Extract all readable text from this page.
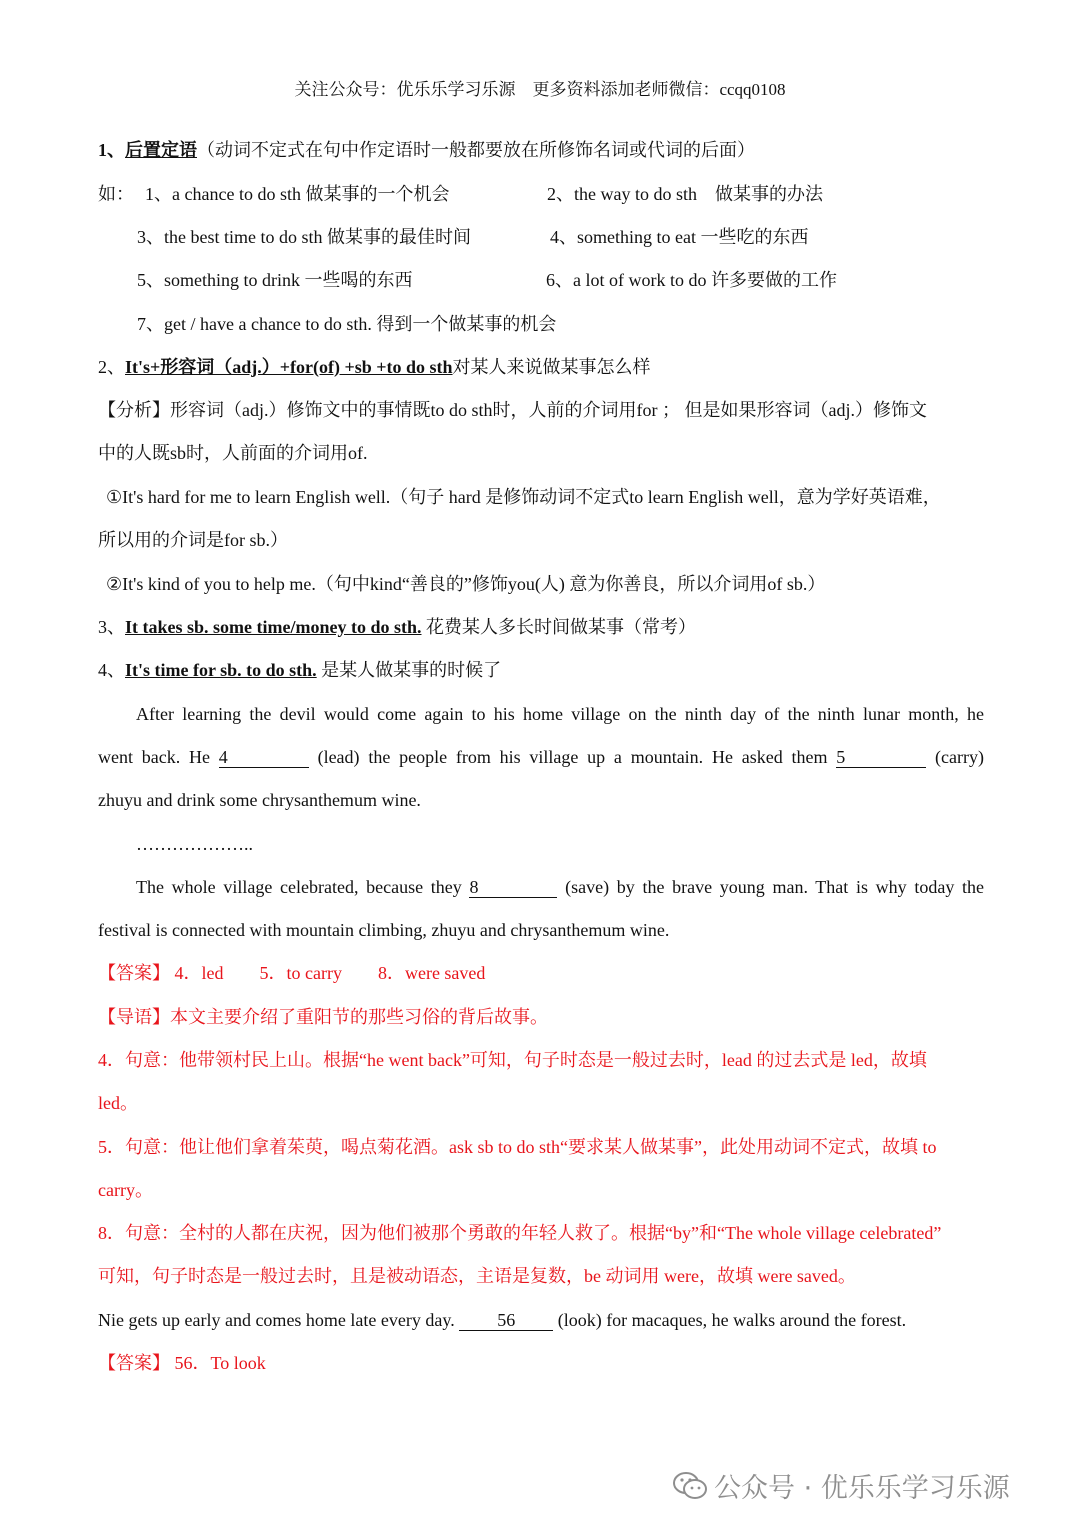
关注公众号：优乐乐学习乐源　更多资料添加老师微信：ccqq0108
1、后置定语（动词不定式在句中作定语时一般都要放在所修饰名词或代词的后面）
如： 1、a chance to do sth 做某事的一个机会	2、the way to do sth　做某事的办法
3、the best time to do sth 做某事的最佳时间	4、something to eat 一些吃的东西
5、something to drink 一些喝的东西	6、a lot of work to do 许多要做的工作
7、get / have a chance to do sth. 得到一个做某事的机会
2、It's+形容词（adj.）+for(of) +sb +to do sth对某人来说做某事怎么样
【分析】形容词（adj.）修饰文中的事情既to do sth时，人前的介词用for ； 但是如果形容词（adj.）修饰文
中的人既sb时，人前面的介词用of.
①It's hard for me to learn English well.（句子 hard 是修饰动词不定式to learn English well，意为学好英语难，
所以用的介词是for sb.）
②It's kind of you to help me.（句中kind“善良的”修饰you(人) 意为你善良，所以介词用of sb.）
3、It takes sb. some time/money to do sth. 花费某人多长时间做某事（常考）
4、It's time for sb. to do sth. 是某人做某事的时候了
After learning the devil would come again to his home village on the ninth day of the ninth lunar month, he
went back. He 4	(lead) the people from his village up a mountain. He asked them 5	(carry)
zhuyu and drink some chrysanthemum wine.
………………..
The whole village celebrated, because they 8	(save) by the brave young man. That is why today the
festival is connected with mountain climbing, zhuyu and chrysanthemum wine.
【答案】 4．led　　5．to carry　　8．were saved
【导语】本文主要介绍了重阳节的那些习俗的背后故事。
4．句意：他带领村民上山。根据“he went back”可知，句子时态是一般过去时，lead 的过去式是 led，故填
led。
5．句意：他让他们拿着茱萸，喝点菊花酒。ask sb to do sth“要求某人做某事”，此处用动词不定式，故填 to
carry。
8．句意：全村的人都在庆祝，因为他们被那个勇敢的年轻人救了。根据“by”和“The whole village celebrated”
可知，句子时态是一般过去时，且是被动语态，主语是复数，be 动词用 were，故填 were saved。
Nie gets up early and comes home late every day. 56 (look) for macaques, he walks around the forest.
【答案】 56．To look
公众号 · 优乐乐学习乐源
